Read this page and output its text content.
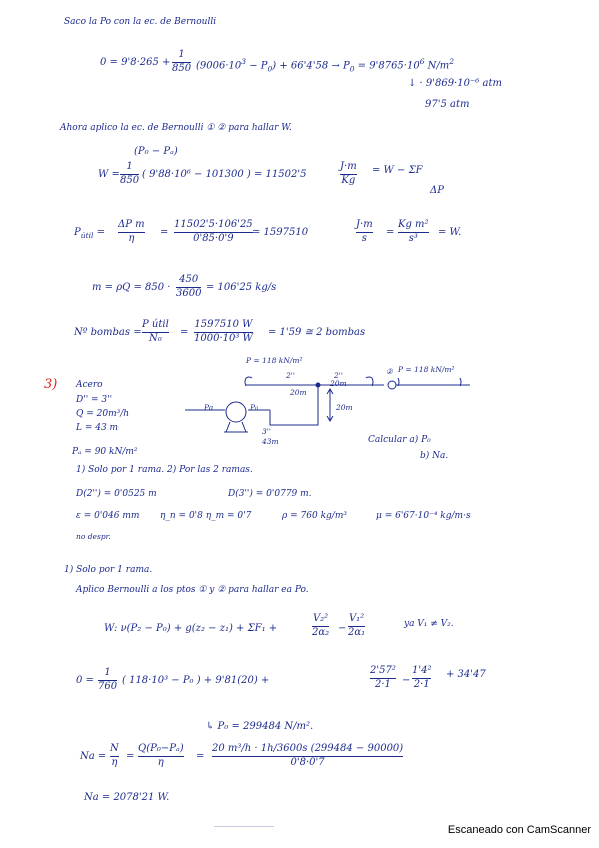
Saco la Po con la ec. de Bernoulli
0 = 9'8·265 +
1
850 $(9006\cdot 10^3 - P_0) + 66'4'58 \to P_0 = 9'8765\cdot 10^6$ $N/m^2$
↓ · 9'869·10⁻⁶ atm
97'5 atm
Ahora aplico la ec. de Bernoulli ① ② para hallar W.
(P₀ − Pₐ)
W =
1
850 ( 9'88·10⁶ − 101300 ) = 11502'5
J·m
Kg
= W − ΣF
ΔP
$P_{útil}$ =
ΔP m
η	=
11502'5·106'25
0'85·0'9 = 1597510
J·m
s =
Kg m²
s³ = W.
m = ρQ = 850 ·
450
3600 = 106'25 kg/s
Nº bombas =
P útil
N₀ =
1597510 W
1000·10³ W = 1'59 ≅ 2 bombas
3) Acero
D'' = 3''
Q = 20m³/h
L = 43 m
Pa	P₀
P = 118 kN/m²
P = 118 kN/m²
2''	2''
20m
20m
20m
3''
43m
②
Calcular a) P₀
b) Na.
Pₐ = 90 kN/m²
1) Solo por 1 rama. 2) Por las 2 ramas.
D(2'') = 0'0525 m	D(3'') = 0'0779 m.
ε = 0'046 mm η_n = 0'8 η_m = 0'7	ρ = 760 kg/m³	μ = 6'67·10⁻⁴ kg/m·s
no despr.
1) Solo por 1 rama.
Aplico Bernoulli a los ptos ① y ② para hallar ea Po.
W : ν(P₂ − P₀) + g(z₂ − z₁) + ΣF₁ +
V₂²
2α₂ −
V₁²
2α₁
ya V₁ ≠ V₂.
0 =
1
760 ( 118·10³ − P₀ ) + 9'81(20) +
2'57²
2·1 −
1'4²
2·1
+ 34'47
↳ P₀ = 299484 N/m².
Na =
N
η =
Q(P₀−Pₐ)
η	=
20 m³/h · 1h/3600s (299484 − 90000)
0'8·0'7
Na = 2078'21 W.
Escaneado con CamScanner
